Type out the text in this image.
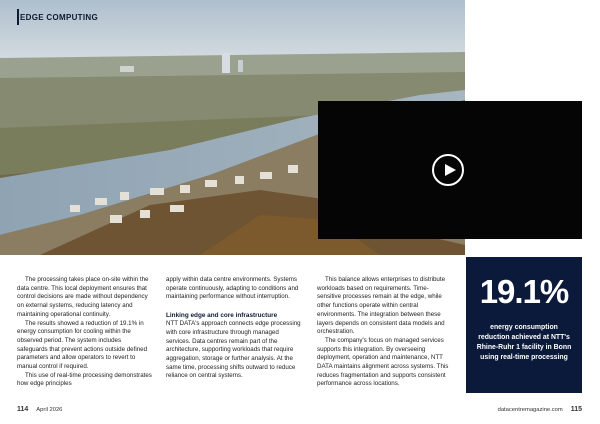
EDGE COMPUTING

The processing takes place on-site within the data centre. This local deployment ensures that control decisions are made without dependency on external systems, reducing latency and maintaining operational continuity.

The results showed a reduction of 19.1% in energy consumption for cooling within the observed period. The system includes safeguards that prevent actions outside defined parameters and allow operators to revert to manual control if required.

This use of real-time processing demonstrates how edge principles

apply within data centre environments. Systems operate continuously, adapting to conditions and maintaining performance without interruption.

Linking edge and core infrastructure

NTT DATA's approach connects edge processing with core infrastructure through managed services. Data centres remain part of the architecture, supporting workloads that require aggregation, storage or further analysis. At the same time, processing shifts outward to reduce reliance on central systems.

This balance allows enterprises to distribute workloads based on requirements. Time-sensitive processes remain at the edge, while other functions operate within central environments. The integration between these layers depends on consistent data models and orchestration.

The company's focus on managed services supports this integration. By overseeing deployment, operation and maintenance, NTT DATA maintains alignment across systems. This reduces fragmentation and supports consistent performance across locations.

19.1%
energy consumption reduction achieved at NTT's Rhine-Ruhr 1 facility in Bonn using real-time processing
114 April 2026	datacentremagazine.com 115
